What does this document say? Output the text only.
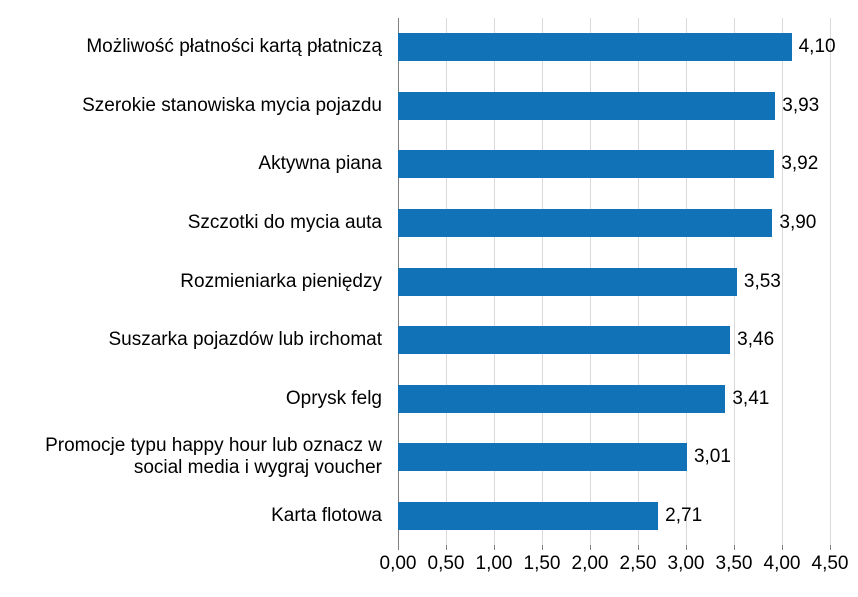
Możliwość płatności kartą płatniczą
Szerokie stanowiska mycia pojazdu
Aktywna piana
Szczotki do mycia auta
Rozmieniarka pieniędzy
Suszarka pojazdów lub irchomat
Oprysk felg
Promocje typu happy hour lub oznacz w
social media i wygraj voucher
Karta flotowa
4,10
3,93
3,92
3,90
3,53
3,46
3,41
3,01
2,71
0,00 0,50 1,00 1,50 2,00 2,50 3,00 3,50 4,00 4,50
